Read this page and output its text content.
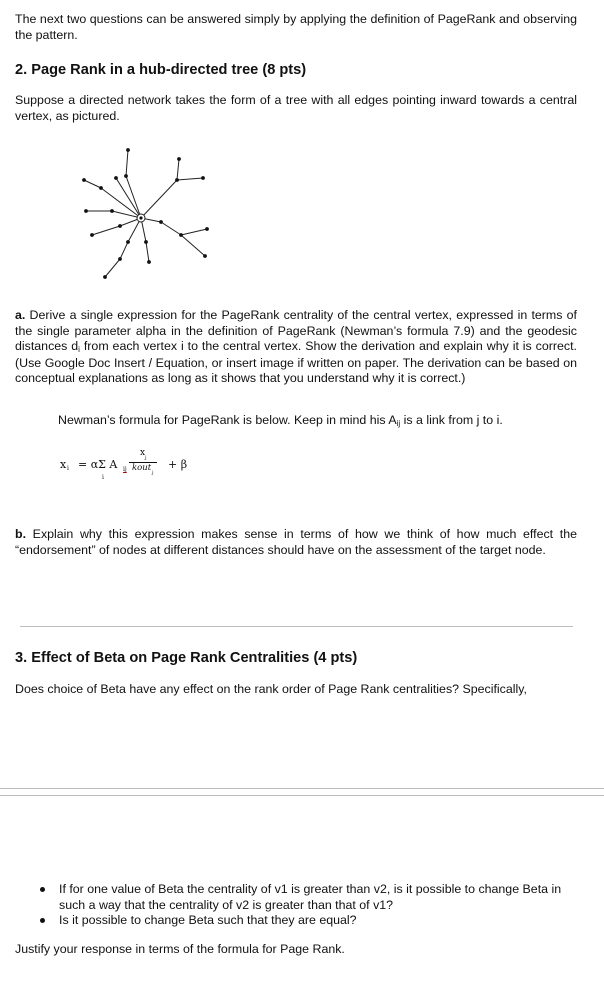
The next two questions can be answered simply by applying the definition of PageRank and observing the pattern.

2. Page Rank in a hub-directed tree (8 pts)

Suppose a directed network takes the form of a tree with all edges pointing inward towards a central vertex, as pictured.

a. Derive a single expression for the PageRank centrality of the central vertex, expressed in terms of the single parameter alpha in the definition of PageRank (Newman’s formula 7.9) and the geodesic distances di from each vertex i to the central vertex. Show the derivation and explain why it is correct. (Use Google Doc Insert / Equation, or insert image if written on paper. The derivation can be based on conceptual explanations as long as it shows that you understand why it is correct.)

Newman’s formula for PageRank is below. Keep in mind his Aij is a link from j to i.

x i = αΣ A
i
ij
x j
kout j
+ β

b. Explain why this expression makes sense in terms of how we think of how much effect the “endorsement” of nodes at different distances should have on the assessment of the target node.

3. Effect of Beta on Page Rank Centralities (4 pts)

Does choice of Beta have any effect on the rank order of Page Rank centralities? Specifically,

If for one value of Beta the centrality of v1 is greater than v2, is it possible to change Beta in such a way that the centrality of v2 is greater than that of v1?
Is it possible to change Beta such that they are equal?

Justify your response in terms of the formula for Page Rank.
